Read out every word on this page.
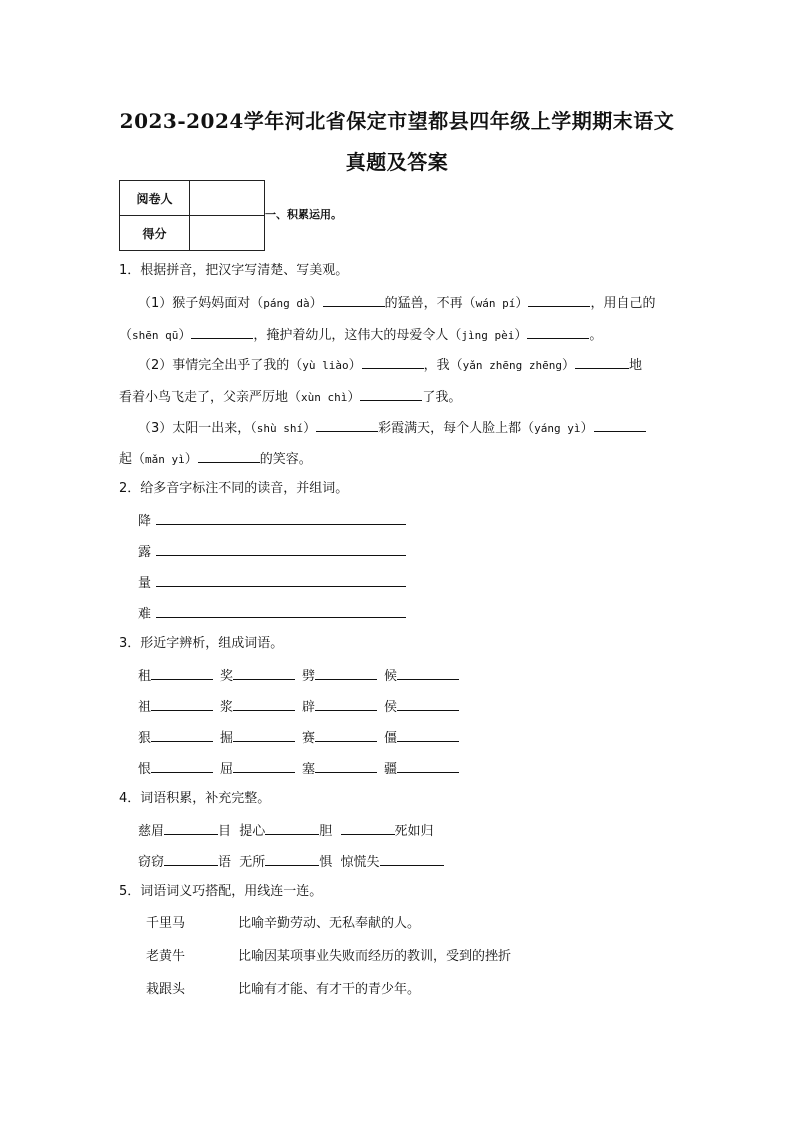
2023-2024学年河北省保定市望都县四年级上学期期末语文
真题及答案
阅卷人	
得分	
一、积累运用。
1．根据拼音，把汉字写清楚、写美观。
（1）猴子妈妈面对（páng dà）	的猛兽，不再（wán pí）	，用自己的
（shēn qū）	，掩护着幼儿，这伟大的母爱令人（jìng pèi）	。
（2）事情完全出乎了我的（yù liào）	，我（yǎn zhēng zhēng）	地
看着小鸟飞走了，父亲严厉地（xùn chì）	了我。
（3）太阳一出来，（shù shí）	彩霞满天，每个人脸上都（yáng yì）
起（mǎn yì）	的笑容。
2．给多音字标注不同的读音，并组词。
降
露
量
难
3．形近字辨析，组成词语。
租	奖	劈	候
祖	浆	辟	侯
狠	掘	赛	僵
恨	屈	塞	疆
4．词语积累，补充完整。
慈眉	目  提心	胆	死如归
窃窃	语  无所	惧  惊慌失
5．词语词义巧搭配，用线连一连。
千里马	比喻辛勤劳动、无私奉献的人。
老黄牛	比喻因某项事业失败而经历的教训，受到的挫折
栽跟头	比喻有才能、有才干的青少年。
